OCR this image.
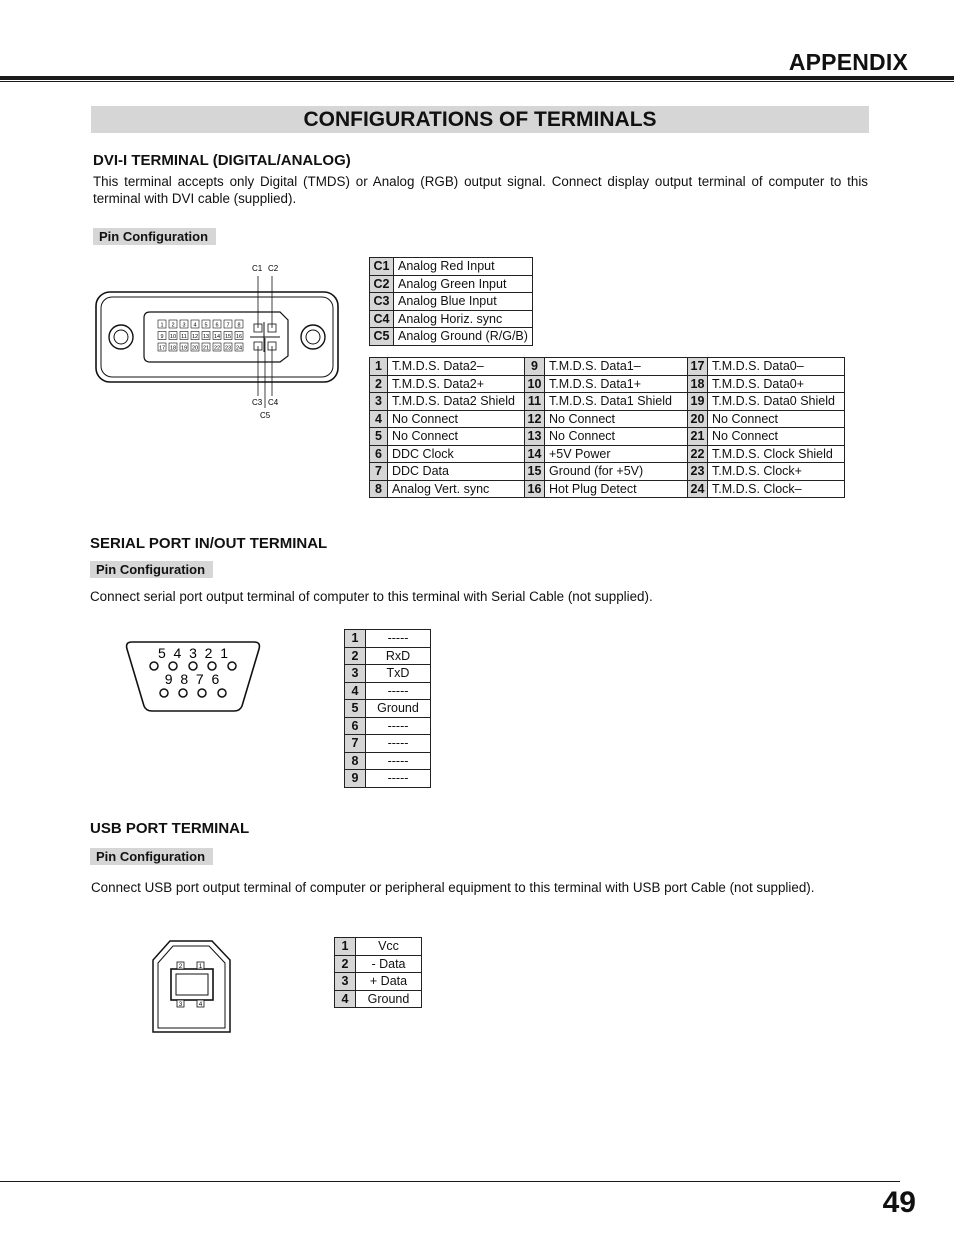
APPENDIX
CONFIGURATIONS OF TERMINALS
DVI-I TERMINAL (DIGITAL/ANALOG)
This terminal accepts only Digital (TMDS) or Analog (RGB) output signal. Connect display output terminal of computer to this terminal with DVI cable (supplied).
Pin Configuration
1 2 3 4 5 6 7 8
9 10 11 12 13 14 15 16
17 18 19 20 21 22 23 24
C1 C2
C3 C4
C5
C1	Analog Red Input
C2	Analog Green Input
C3	Analog Blue Input
C4	Analog Horiz. sync
C5	Analog Ground (R/G/B)
1	T.M.D.S. Data2–	9	T.M.D.S. Data1–	17	T.M.D.S. Data0–
2	T.M.D.S. Data2+	10	T.M.D.S. Data1+	18	T.M.D.S. Data0+
3	T.M.D.S. Data2 Shield	11	T.M.D.S. Data1 Shield	19	T.M.D.S. Data0 Shield
4	No Connect	12	No Connect	20	No Connect
5	No Connect	13	No Connect	21	No Connect
6	DDC Clock	14	+5V Power	22	T.M.D.S. Clock Shield
7	DDC Data	15	Ground (for +5V)	23	T.M.D.S. Clock+
8	Analog Vert. sync	16	Hot Plug Detect	24	T.M.D.S. Clock–
SERIAL PORT IN/OUT TERMINAL
Pin Configuration
Connect serial port output terminal of computer to this terminal with Serial Cable (not supplied).
5  4  3  2  1
9  8  7  6
1	-----
2	RxD
3	TxD
4	-----
5	Ground
6	-----
7	-----
8	-----
9	-----
USB PORT TERMINAL
Pin Configuration
Connect USB port output terminal of computer or peripheral equipment to this terminal with USB port Cable (not supplied).
2	1
3	4
1	Vcc
2	- Data
3	+ Data
4	Ground
49
